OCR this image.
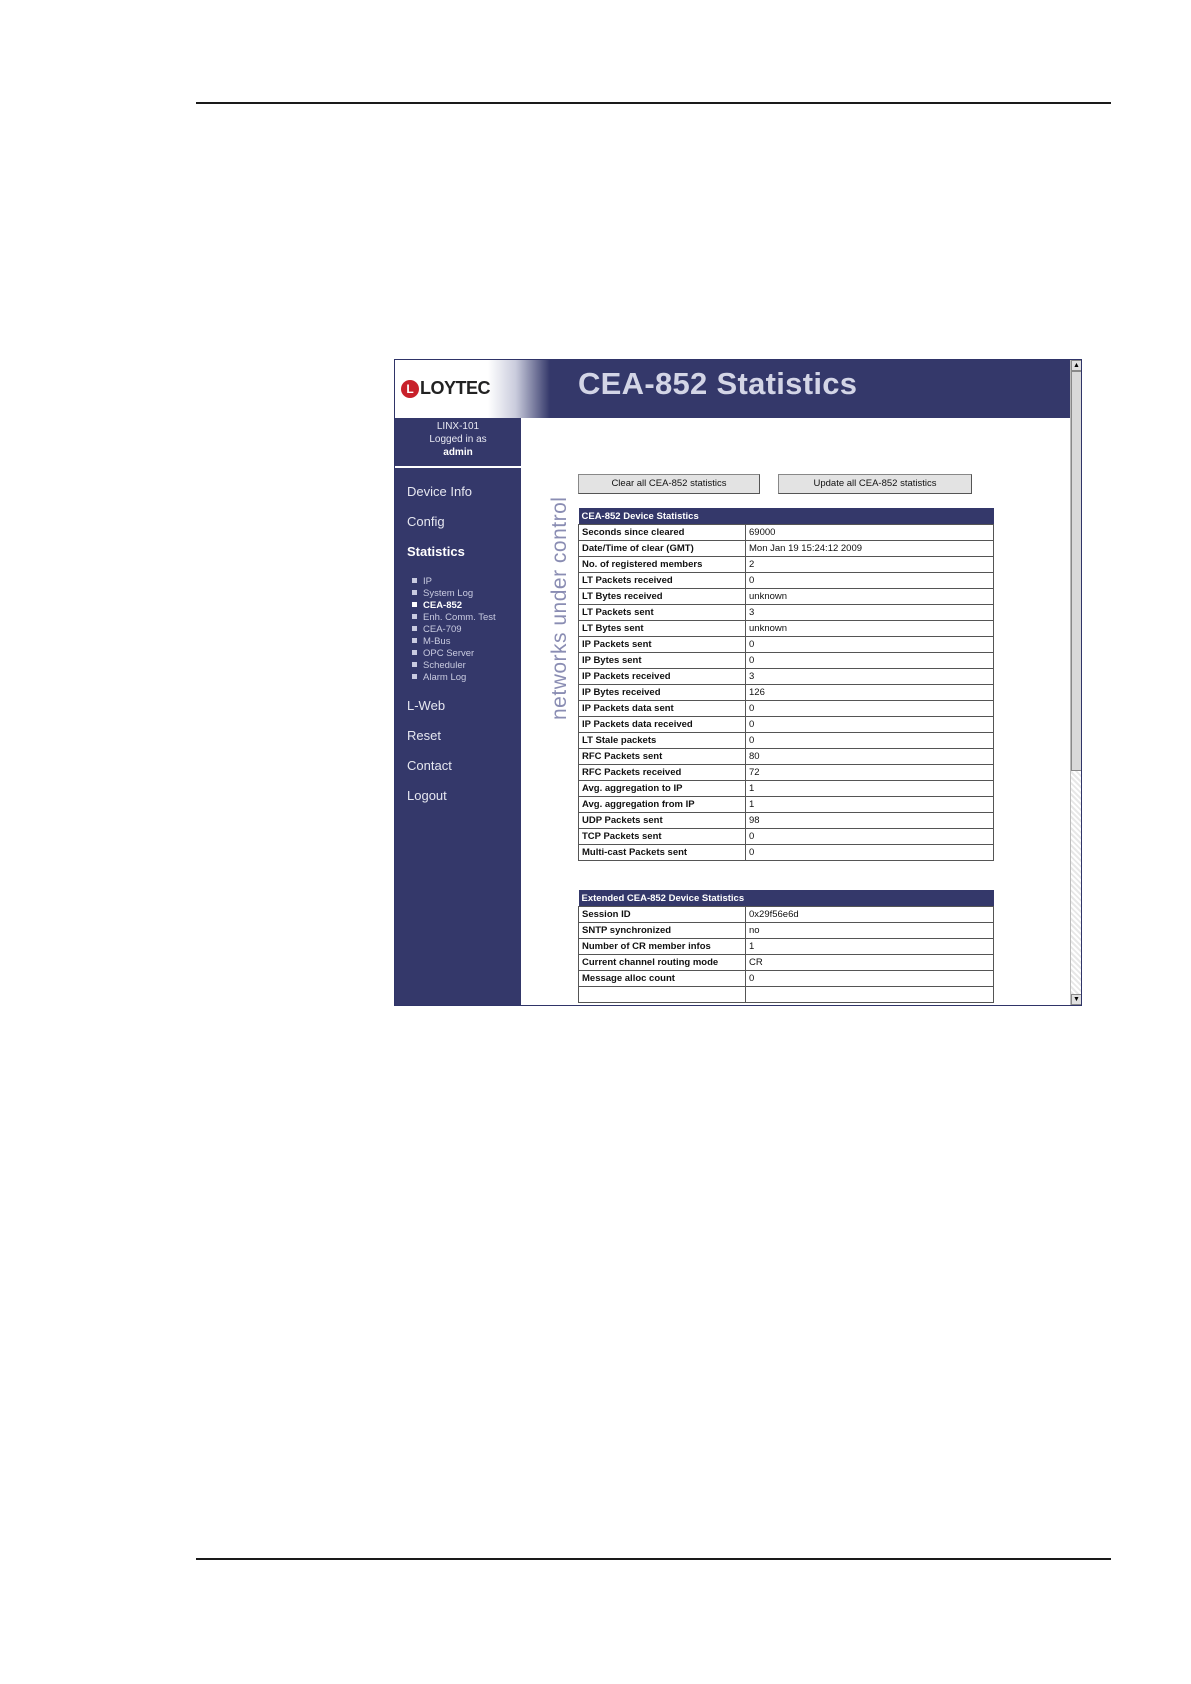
L LOYTEC	CEA-852 Statistics
LINX-101
Logged in as
admin
Device Info
Config
Statistics
IP
System Log
CEA-852
Enh. Comm. Test
CEA-709
M-Bus
OPC Server
Scheduler
Alarm Log
L-Web
Reset
Contact
Logout
networks under control
Clear all CEA-852 statistics	Update all CEA-852 statistics
CEA-852 Device Statistics	
Seconds since cleared	69000
Date/Time of clear (GMT)	Mon Jan 19 15:24:12 2009
No. of registered members	2
LT Packets received	0
LT Bytes received	unknown
LT Packets sent	3
LT Bytes sent	unknown
IP Packets sent	0
IP Bytes sent	0
IP Packets received	3
IP Bytes received	126
IP Packets data sent	0
IP Packets data received	0
LT Stale packets	0
RFC Packets sent	80
RFC Packets received	72
Avg. aggregation to IP	1
Avg. aggregation from IP	1
UDP Packets sent	98
TCP Packets sent	0
Multi-cast Packets sent	0
Extended CEA-852 Device Statistics	
Session ID	0x29f56e6d
SNTP synchronized	no
Number of CR member infos	1
Current channel routing mode	CR
Message alloc count	0

▲
▼
